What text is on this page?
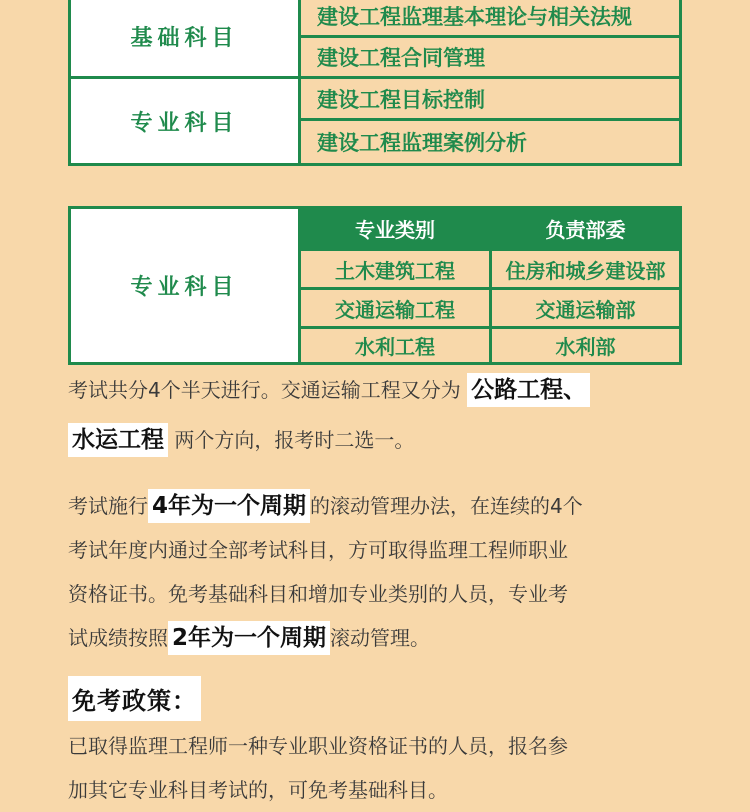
基础科目
建设工程监理基本理论与相关法规
建设工程合同管理
专业科目
建设工程目标控制
建设工程监理案例分析
专业科目
专业类别	负责部委
土木建筑工程	住房和城乡建设部
交通运输工程	交通运输部
水利工程	水利部
考试共分4个半天进行。交通运输工程又分为 公路工程、
水运工程 两个方向，报考时二选一。
考试施行 4年为一个周期 的滚动管理办法，在连续的4个
考试年度内通过全部考试科目，方可取得监理工程师职业
资格证书。免考基础科目和增加专业类别的人员，专业考
试成绩按照 2年为一个周期 滚动管理。
免考政策：
已取得监理工程师一种专业职业资格证书的人员，报名参
加其它专业科目考试的，可免考基础科目。
